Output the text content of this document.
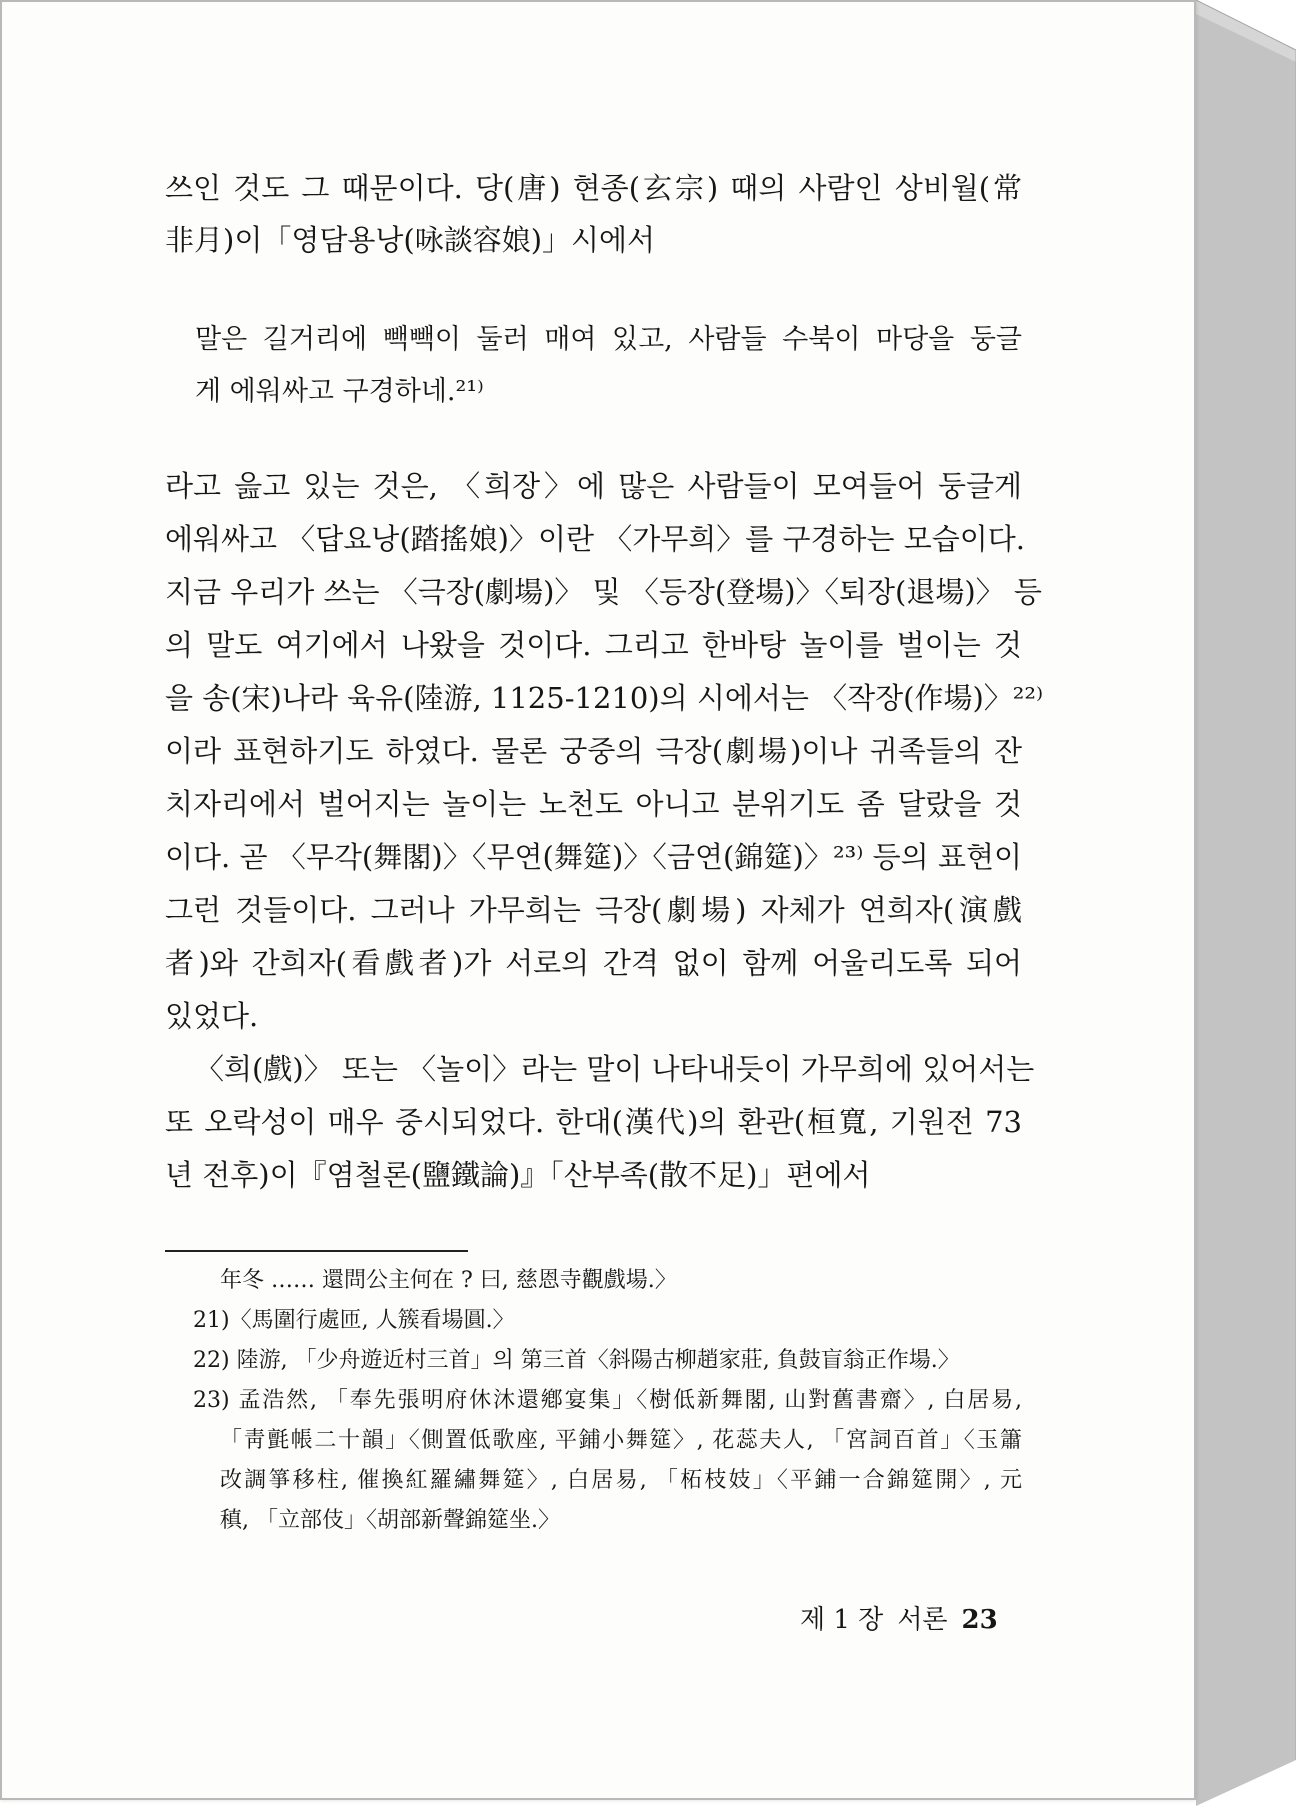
쓰인 것도 그 때문이다. 당(唐) 현종(玄宗) 때의 사람인 상비월(常
非月)이「영담용낭(咏談容娘)」시에서
말은 길거리에 빽빽이 둘러 매여 있고, 사람들 수북이 마당을 둥글
게 에워싸고 구경하네.²¹⁾
라고 읊고 있는 것은, 〈희장〉에 많은 사람들이 모여들어 둥글게
에워싸고 〈답요낭(踏搖娘)〉이란 〈가무희〉를 구경하는 모습이다.
지금 우리가 쓰는 〈극장(劇場)〉 및 〈등장(登場)〉〈퇴장(退場)〉 등
의 말도 여기에서 나왔을 것이다. 그리고 한바탕 놀이를 벌이는 것
을 송(宋)나라 육유(陸游, 1125-1210)의 시에서는 〈작장(作場)〉²²⁾
이라 표현하기도 하였다. 물론 궁중의 극장(劇場)이나 귀족들의 잔
치자리에서 벌어지는 놀이는 노천도 아니고 분위기도 좀 달랐을 것
이다. 곧 〈무각(舞閣)〉〈무연(舞筵)〉〈금연(錦筵)〉²³⁾ 등의 표현이
그런 것들이다. 그러나 가무희는 극장(劇場) 자체가 연희자(演戲
者)와 간희자(看戲者)가 서로의 간격 없이 함께 어울리도록 되어
있었다.
〈희(戲)〉 또는 〈놀이〉라는 말이 나타내듯이 가무희에 있어서는
또 오락성이 매우 중시되었다. 한대(漢代)의 환관(桓寬, 기원전 73
년 전후)이『염철론(鹽鐵論)』「산부족(散不足)」편에서
年冬 …… 還問公主何在 ? 曰, 慈恩寺觀戲場.〉
21)〈馬圍行處匝, 人簇看場圓.〉
22) 陸游, 「少舟遊近村三首」의 第三首〈斜陽古柳趙家莊, 負鼓盲翁正作場.〉
23) 孟浩然, 「奉先張明府休沐還鄕宴集」〈樹低新舞閣, 山對舊書齋〉, 白居易,
「靑氈帳二十韻」〈側置低歌座, 平鋪小舞筵〉, 花蕊夫人, 「宮詞百首」〈玉簫
改調箏移柱, 催換紅羅繡舞筵〉, 白居易, 「柘枝妓」〈平鋪一合錦筵開〉, 元
稹, 「立部伎」〈胡部新聲錦筵坐.〉
제 1 장 서론 23
